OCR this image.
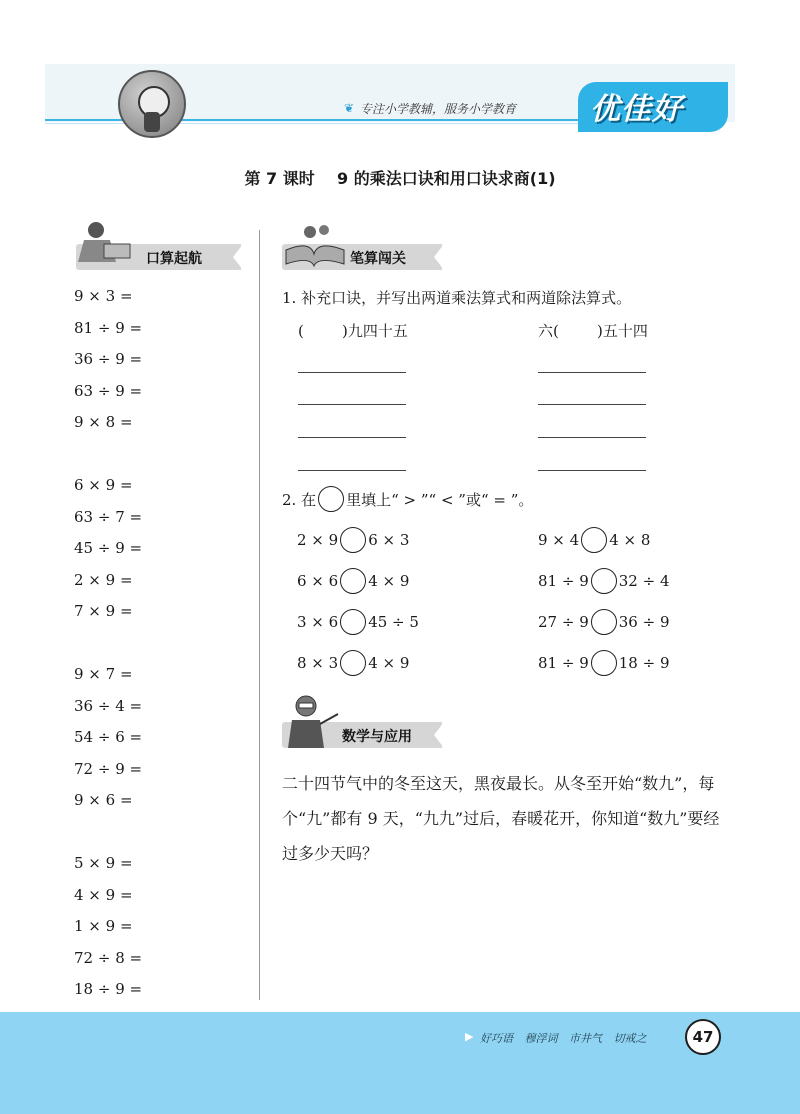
❦ 专注小学教辅，服务小学教育 优佳好
第 7 课时 9 的乘法口诀和用口诀求商(1)
口算起航
9 × 3 =
81 ÷ 9 =
36 ÷ 9 =
63 ÷ 9 =
9 × 8 =
6 × 9 =
63 ÷ 7 =
45 ÷ 9 =
2 × 9 =
7 × 9 =
9 × 7 =
36 ÷ 4 =
54 ÷ 6 =
72 ÷ 9 =
9 × 6 =
5 × 9 =
4 × 9 =
1 × 9 =
72 ÷ 8 =
18 ÷ 9 =
笔算闯关
1. 补充口诀，并写出两道乘法算式和两道除法算式。
(        )九四十五	六(        )五十四
2. 在 里填上“ > ”“ < ”或“ = ”。
2 × 9 6 × 3	9 × 4 4 × 8
6 × 6 4 × 9	81 ÷ 9 32 ÷ 4
3 × 6 45 ÷ 5	27 ÷ 9 36 ÷ 9
8 × 3 4 × 9	81 ÷ 9 18 ÷ 9
数学与应用
二十四节气中的冬至这天，黑夜最长。从冬至开始“数九”，每个“九”都有 9 天，“九九”过后，春暖花开，你知道“数九”要经过多少天吗？
▶ 好巧语 穆浮词 市井气 切戒之	47
